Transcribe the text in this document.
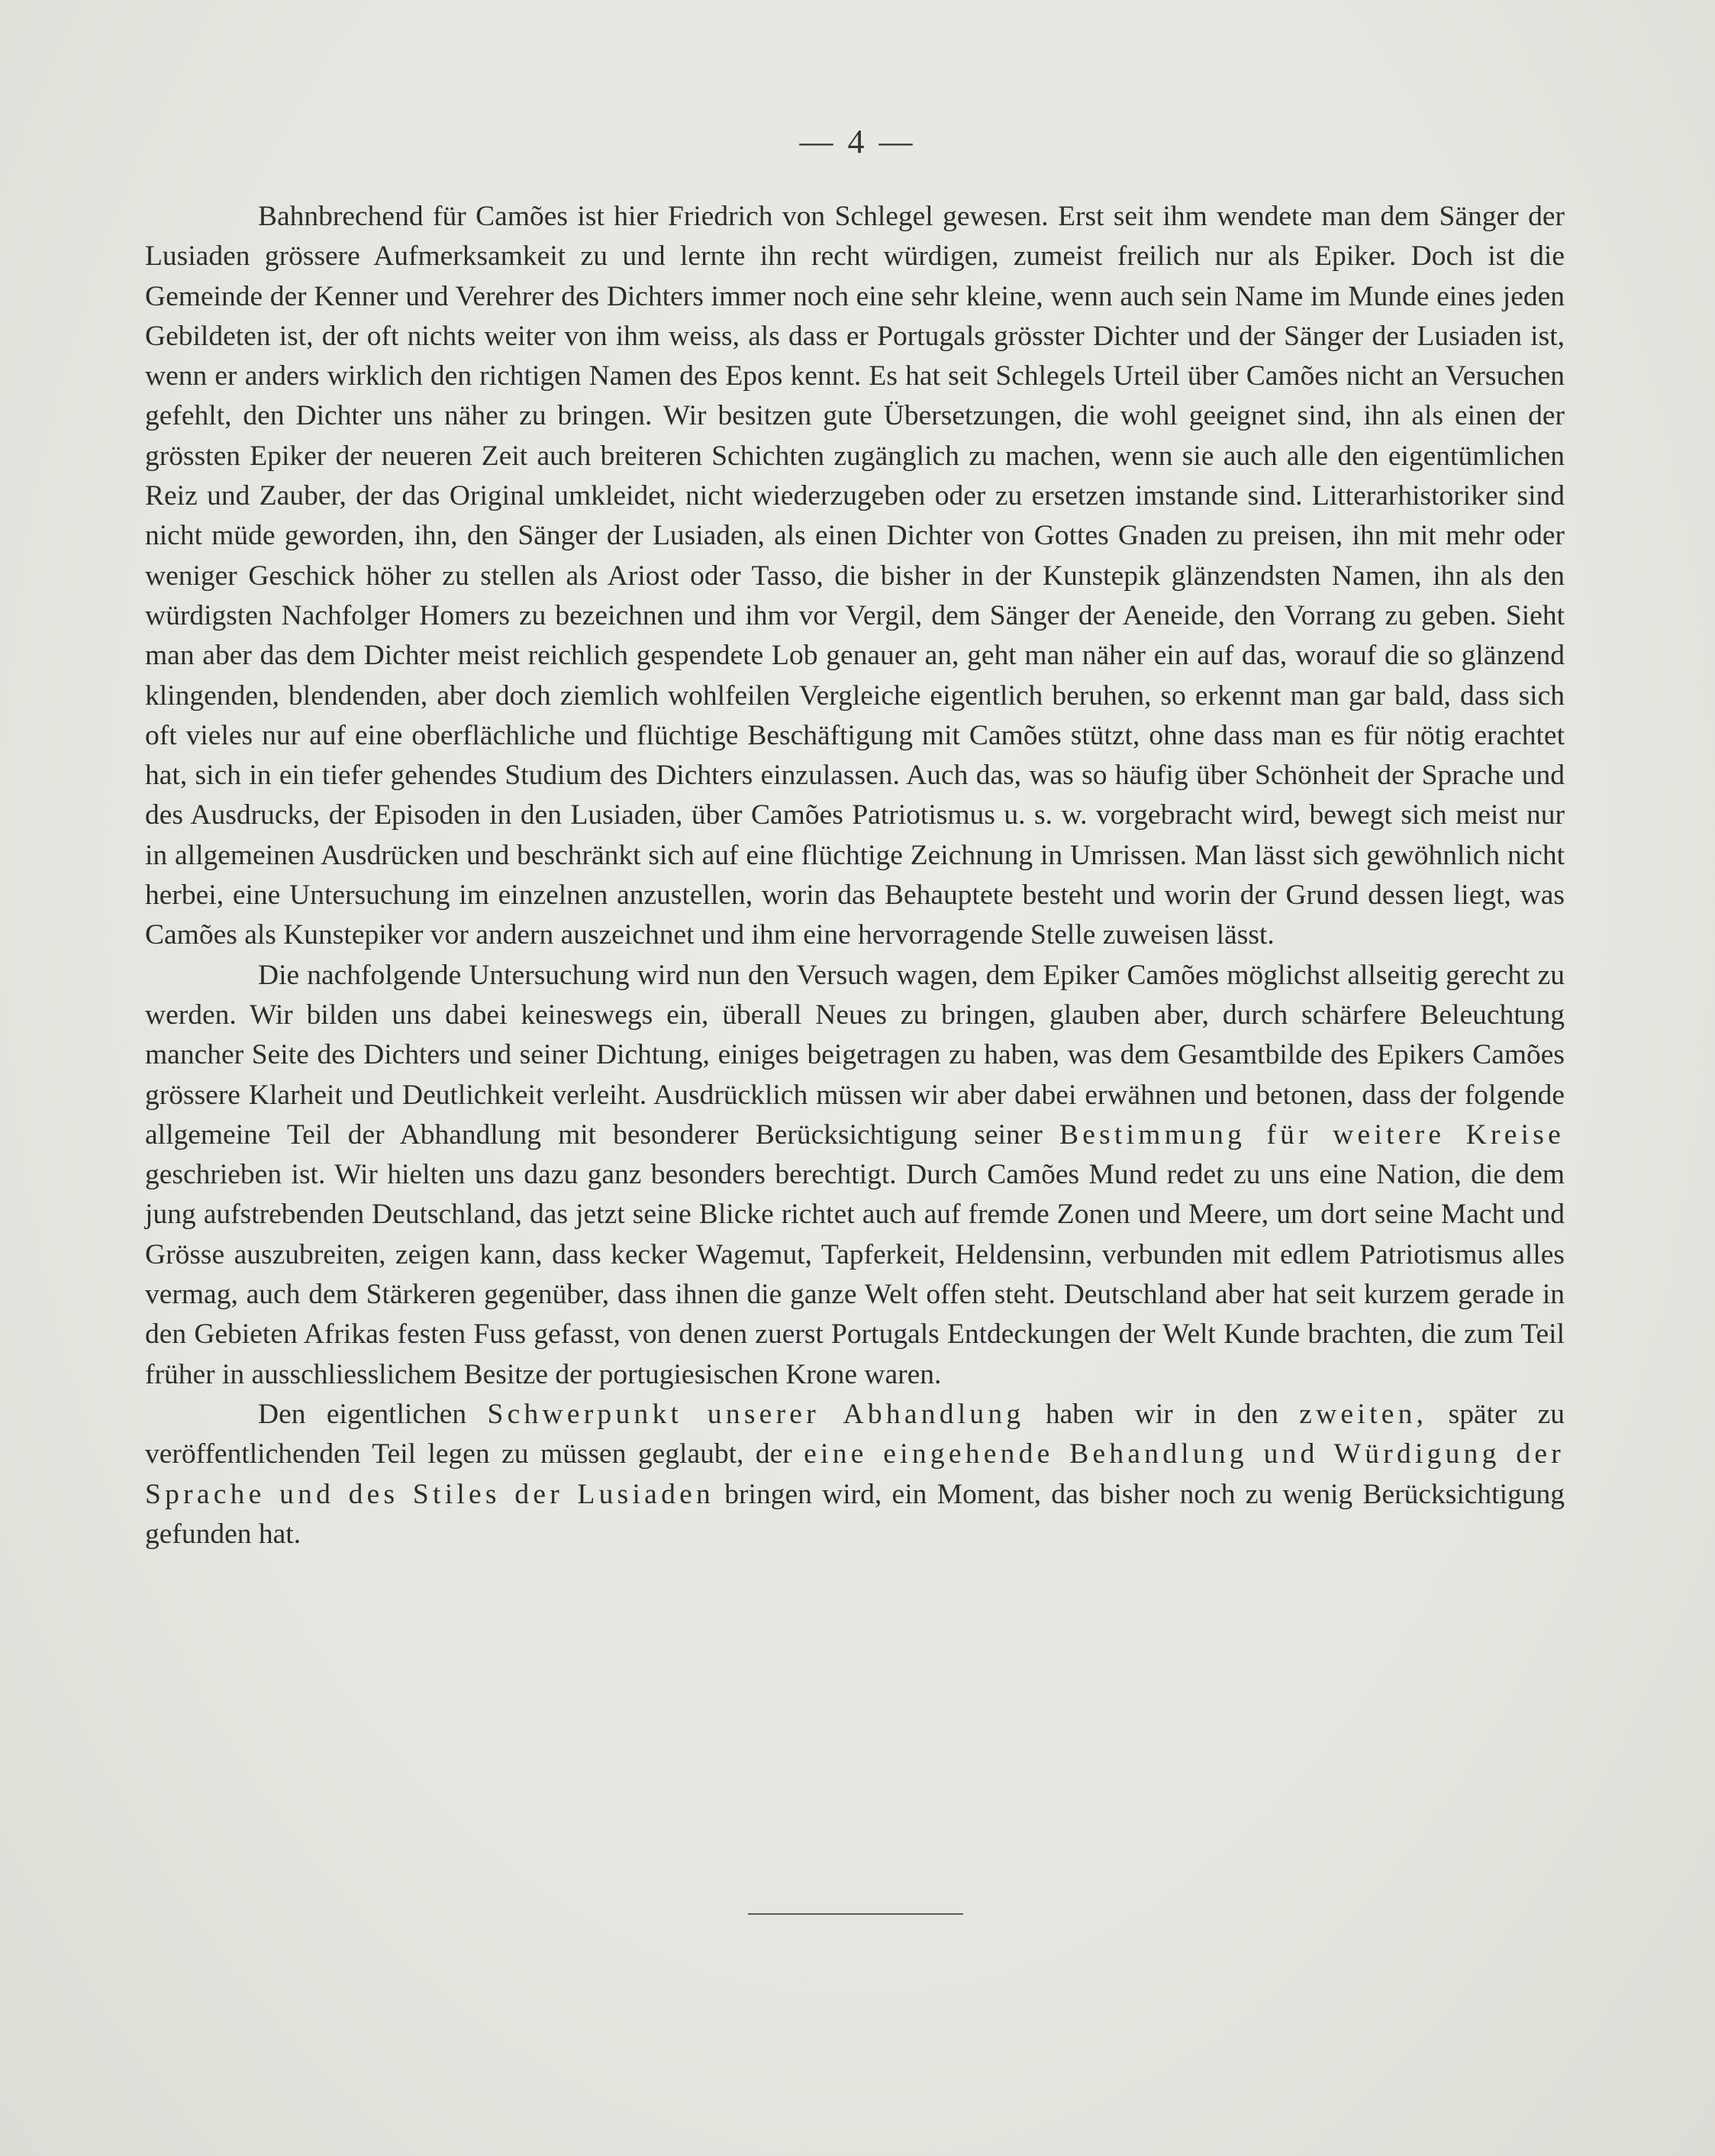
— 4 —

Bahnbrechend für Camões ist hier Friedrich von Schlegel gewesen. Erst seit ihm wendete man dem Sänger der Lusiaden grössere Aufmerksamkeit zu und lernte ihn recht würdigen, zumeist freilich nur als Epiker. Doch ist die Gemeinde der Kenner und Verehrer des Dichters immer noch eine sehr kleine, wenn auch sein Name im Munde eines jeden Gebildeten ist, der oft nichts weiter von ihm weiss, als dass er Portugals grösster Dichter und der Sänger der Lusiaden ist, wenn er anders wirklich den richtigen Namen des Epos kennt. Es hat seit Schlegels Urteil über Camões nicht an Versuchen gefehlt, den Dichter uns näher zu bringen. Wir besitzen gute Übersetzungen, die wohl geeignet sind, ihn als einen der grössten Epiker der neueren Zeit auch breiteren Schichten zugänglich zu machen, wenn sie auch alle den eigentümlichen Reiz und Zauber, der das Original umkleidet, nicht wiederzugeben oder zu ersetzen imstande sind. Litterarhistoriker sind nicht müde geworden, ihn, den Sänger der Lusiaden, als einen Dichter von Gottes Gnaden zu preisen, ihn mit mehr oder weniger Geschick höher zu stellen als Ariost oder Tasso, die bisher in der Kunstepik glänzendsten Namen, ihn als den würdigsten Nachfolger Homers zu bezeichnen und ihm vor Vergil, dem Sänger der Aeneide, den Vorrang zu geben. Sieht man aber das dem Dichter meist reichlich gespendete Lob genauer an, geht man näher ein auf das, worauf die so glänzend klingenden, blendenden, aber doch ziemlich wohlfeilen Vergleiche eigentlich beruhen, so erkennt man gar bald, dass sich oft vieles nur auf eine oberflächliche und flüchtige Beschäftigung mit Camões stützt, ohne dass man es für nötig erachtet hat, sich in ein tiefer gehendes Studium des Dichters einzulassen. Auch das, was so häufig über Schönheit der Sprache und des Ausdrucks, der Episoden in den Lusiaden, über Camões Patriotismus u. s. w. vorgebracht wird, bewegt sich meist nur in allgemeinen Ausdrücken und beschränkt sich auf eine flüchtige Zeichnung in Umrissen. Man lässt sich gewöhnlich nicht herbei, eine Untersuchung im einzelnen anzustellen, worin das Behauptete besteht und worin der Grund dessen liegt, was Camões als Kunstepiker vor andern auszeichnet und ihm eine hervorragende Stelle zuweisen lässt.

Die nachfolgende Untersuchung wird nun den Versuch wagen, dem Epiker Camões möglichst allseitig gerecht zu werden. Wir bilden uns dabei keineswegs ein, überall Neues zu bringen, glauben aber, durch schärfere Beleuchtung mancher Seite des Dichters und seiner Dichtung, einiges beigetragen zu haben, was dem Gesamtbilde des Epikers Camões grössere Klarheit und Deutlichkeit verleiht. Ausdrücklich müssen wir aber dabei erwähnen und betonen, dass der folgende allgemeine Teil der Abhandlung mit besonderer Berücksichtigung seiner Bestimmung für weitere Kreise geschrieben ist. Wir hielten uns dazu ganz besonders berechtigt. Durch Camões Mund redet zu uns eine Nation, die dem jung aufstrebenden Deutschland, das jetzt seine Blicke richtet auch auf fremde Zonen und Meere, um dort seine Macht und Grösse auszubreiten, zeigen kann, dass kecker Wagemut, Tapferkeit, Heldensinn, verbunden mit edlem Patriotismus alles vermag, auch dem Stärkeren gegenüber, dass ihnen die ganze Welt offen steht. Deutschland aber hat seit kurzem gerade in den Gebieten Afrikas festen Fuss gefasst, von denen zuerst Portugals Entdeckungen der Welt Kunde brachten, die zum Teil früher in ausschliesslichem Besitze der portugiesischen Krone waren.

Den eigentlichen Schwerpunkt unserer Abhandlung haben wir in den zweiten, später zu veröffentlichenden Teil legen zu müssen geglaubt, der eine eingehende Behandlung und Würdigung der Sprache und des Stiles der Lusiaden bringen wird, ein Moment, das bisher noch zu wenig Berücksichtigung gefunden hat.
